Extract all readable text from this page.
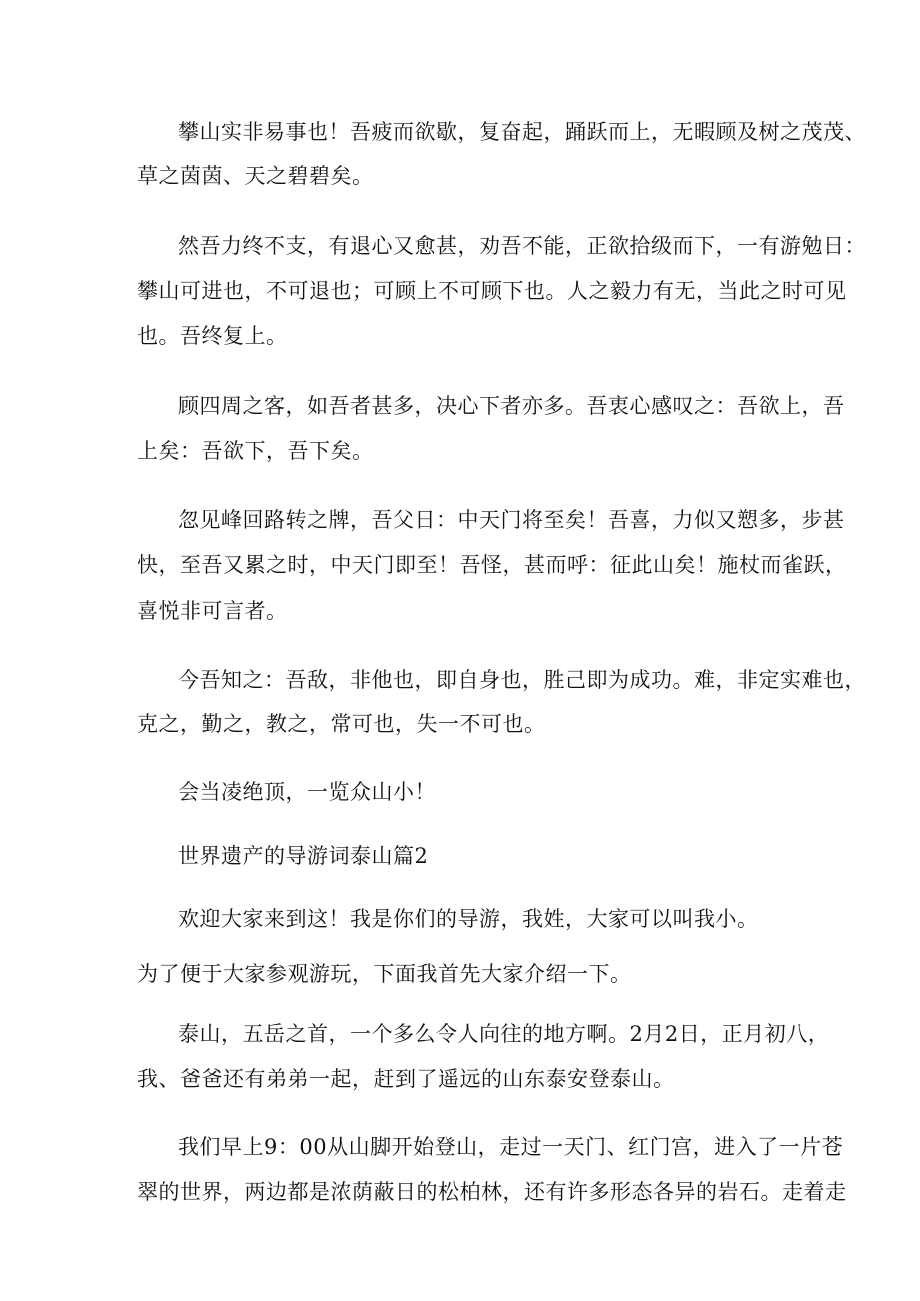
攀山实非易事也！吾疲而欲歇，复奋起，踊跃而上，无暇顾及树之茂茂、
草之茵茵、天之碧碧矣。
然吾力终不支，有退心又愈甚，劝吾不能，正欲拾级而下，一有游勉日：
攀山可进也，不可退也；可顾上不可顾下也。人之毅力有无，当此之时可见
也。吾终复上。
顾四周之客，如吾者甚多，决心下者亦多。吾衷心感叹之：吾欲上，吾
上矣：吾欲下，吾下矣。
忽见峰回路转之牌，吾父日：中天门将至矣！吾喜，力似又愬多，步甚
快，至吾又累之时，中天门即至！吾怪，甚而呼：征此山矣！施杖而雀跃，
喜悦非可言者。
今吾知之：吾敌，非他也，即自身也，胜己即为成功。难，非定实难也，
克之，勤之，教之，常可也，失一不可也。
会当凌绝顶，一览众山小！
世界遗产的导游词泰山篇2
欢迎大家来到这！我是你们的导游，我姓，大家可以叫我小。
为了便于大家参观游玩，下面我首先大家介绍一下。
泰山，五岳之首，一个多么令人向往的地方啊。2月2日，正月初八，
我、爸爸还有弟弟一起，赶到了遥远的山东泰安登泰山。
我们早上9：00从山脚开始登山，走过一天门、红门宫，进入了一片苍
翠的世界，两边都是浓荫蔽日的松柏林，还有许多形态各异的岩石。走着走
